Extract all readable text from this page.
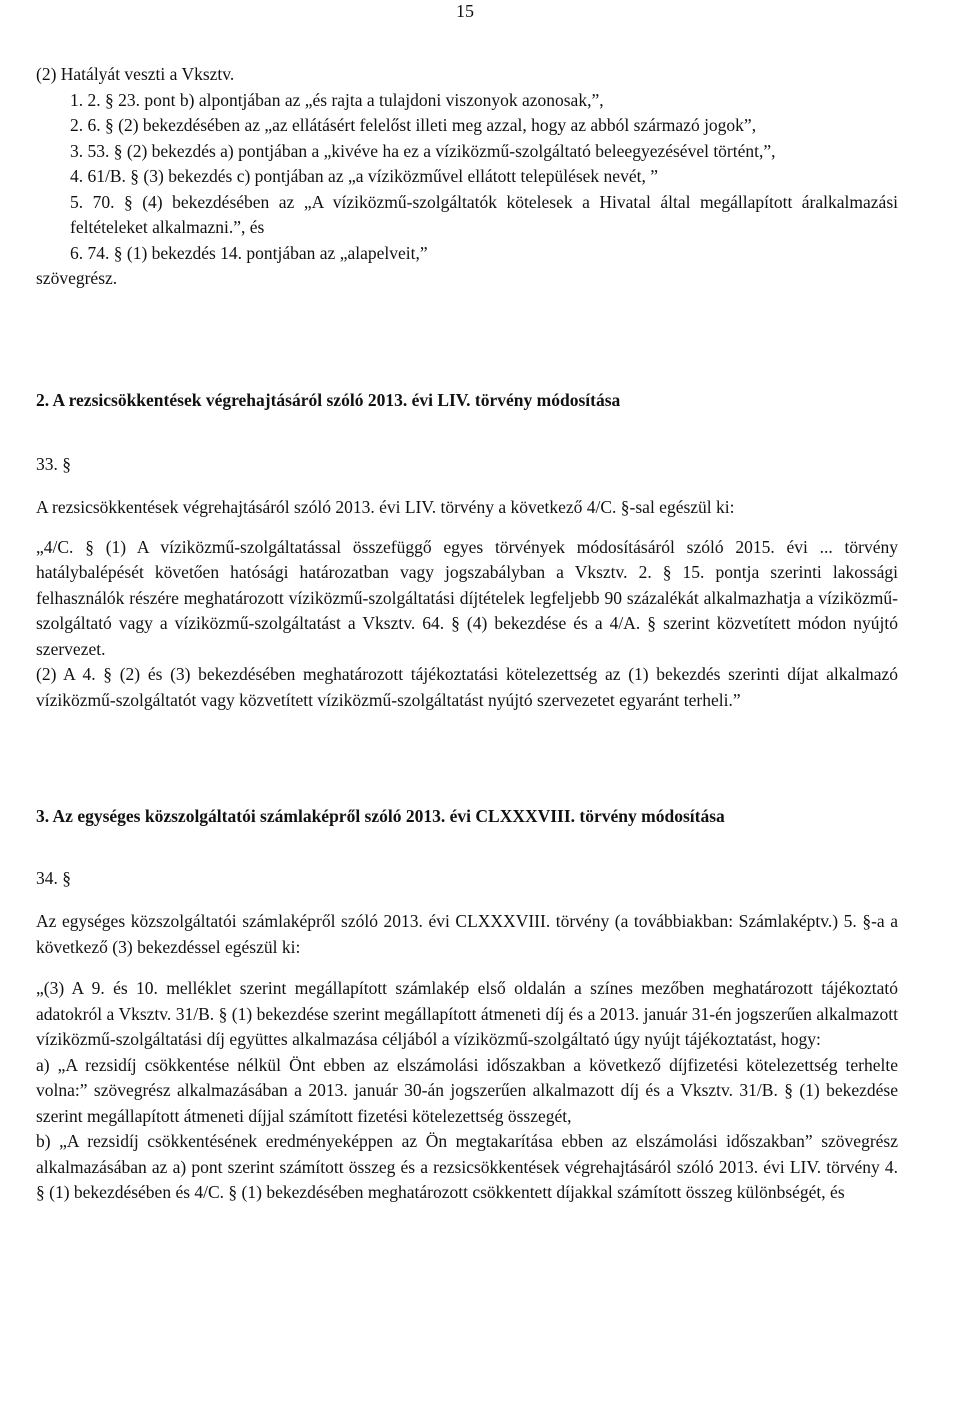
15

(2) Hatályát veszti a Vksztv.

1. 2. § 23. pont b) alpontjában az „és rajta a tulajdoni viszonyok azonosak,”,

2. 6. § (2) bekezdésében az „az ellátásért felelőst illeti meg azzal, hogy az abból származó jogok”,

3. 53. § (2) bekezdés a) pontjában a „kivéve ha ez a víziközmű-szolgáltató beleegyezésével történt,”,

4. 61/B. § (3) bekezdés c) pontjában az „a víziközművel ellátott települések nevét, ”

5. 70. § (4) bekezdésében az „A víziközmű-szolgáltatók kötelesek a Hivatal által megállapított áralkalmazási feltételeket alkalmazni.”, és

6. 74. § (1) bekezdés 14. pontjában az „alapelveit,”

szövegrész.

2. A rezsicsökkentések végrehajtásáról szóló 2013. évi LIV. törvény módosítása

33. §

A rezsicsökkentések végrehajtásáról szóló 2013. évi LIV. törvény a következő 4/C. §-sal egészül ki:

„4/C. § (1) A víziközmű-szolgáltatással összefüggő egyes törvények módosításáról szóló 2015. évi ... törvény hatálybalépését követően hatósági határozatban vagy jogszabályban a Vksztv. 2. § 15. pontja szerinti lakossági felhasználók részére meghatározott víziközmű-szolgáltatási díjtételek legfeljebb 90 százalékát alkalmazhatja a víziközmű-szolgáltató vagy a víziközmű-szolgáltatást a Vksztv. 64. § (4) bekezdése és a 4/A. § szerint közvetített módon nyújtó szervezet.

(2) A 4. § (2) és (3) bekezdésében meghatározott tájékoztatási kötelezettség az (1) bekezdés szerinti díjat alkalmazó víziközmű-szolgáltatót vagy közvetített víziközmű-szolgáltatást nyújtó szervezetet egyaránt terheli.”

3. Az egységes közszolgáltatói számlaképről szóló 2013. évi CLXXXVIII. törvény módosítása

34. §

Az egységes közszolgáltatói számlaképről szóló 2013. évi CLXXXVIII. törvény (a továbbiakban: Számlaképtv.) 5. §-a a következő (3) bekezdéssel egészül ki:

„(3) A 9. és 10. melléklet szerint megállapított számlakép első oldalán a színes mezőben meghatározott tájékoztató adatokról a Vksztv. 31/B. § (1) bekezdése szerint megállapított átmeneti díj és a 2013. január 31-én jogszerűen alkalmazott víziközmű-szolgáltatási díj együttes alkalmazása céljából a víziközmű-szolgáltató úgy nyújt tájékoztatást, hogy:

a) „A rezsidíj csökkentése nélkül Önt ebben az elszámolási időszakban a következő díjfizetési kötelezettség terhelte volna:” szövegrész alkalmazásában a 2013. január 30-án jogszerűen alkalmazott díj és a Vksztv. 31/B. § (1) bekezdése szerint megállapított átmeneti díjjal számított fizetési kötelezettség összegét,

b) „A rezsidíj csökkentésének eredményeképpen az Ön megtakarítása ebben az elszámolási időszakban” szövegrész alkalmazásában az a) pont szerint számított összeg és a rezsicsökkentések végrehajtásáról szóló 2013. évi LIV. törvény 4. § (1) bekezdésében és 4/C. § (1) bekezdésében meghatározott csökkentett díjakkal számított összeg különbségét, és
